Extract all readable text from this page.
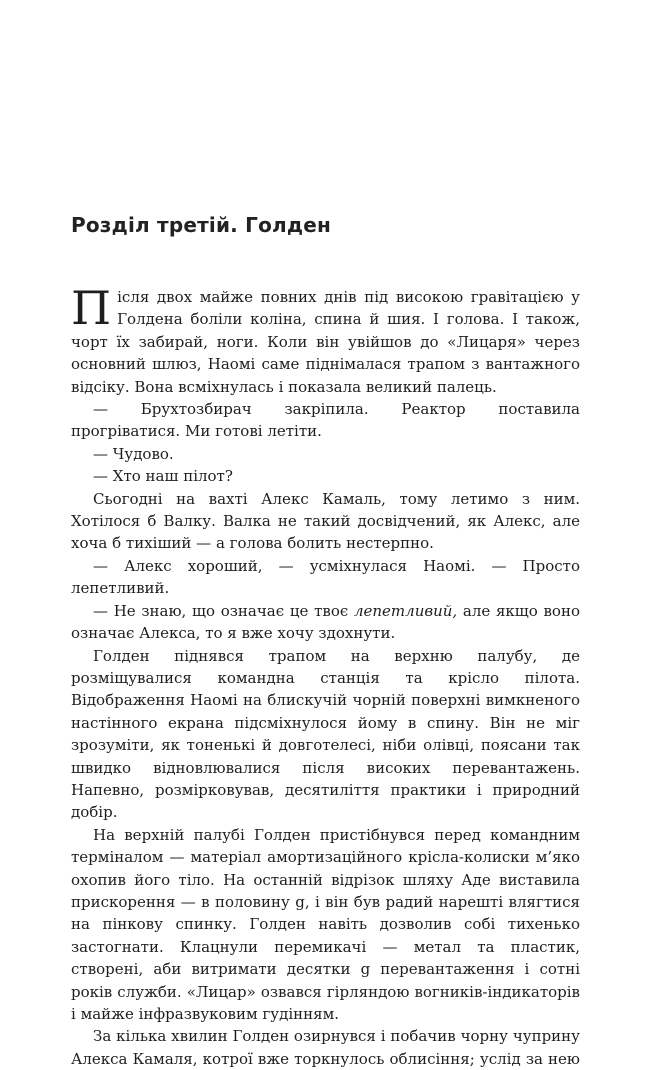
Розділ третій. Голден

Після двох майже повних днів під високою гравітацією у Голдена боліли коліна, спина й шия. І голова. І також, чорт їх забирай, ноги. Коли він увійшов до «Лицаря» через основний шлюз, Наомі саме піднімалася трапом з вантажного відсіку. Вона всміхнулась і показала великий палець.

— Брухтозбирач закріпила. Реактор поставила прогріватися. Ми готові летіти.

— Чудово.

— Хто наш пілот?

Сьогодні на вахті Алекс Камаль, тому летимо з ним. Хотілося б Валку. Валка не такий досвідчений, як Алекс, але хоча б тихіший — а голова болить нестерпно.

— Алекс хороший, — усміхнулася Наомі. — Просто лепетливий.

— Не знаю, що означає це твоє лепетливий, але якщо воно означає Алекса, то я вже хочу здохнути.

Голден піднявся трапом на верхню палубу, де розміщувалися командна станція та крісло пілота. Відображення Наомі на блискучій чорній поверхні вимкненого настінного екрана підсміхнулося йому в спину. Він не міг зрозуміти, як тоненькі й довготелесі, ніби олівці, поясани так швидко відновлювалися після високих перевантажень. Напевно, розмірковував, десятиліття практики і природний добір.

На верхній палубі Голден пристібнувся перед командним терміналом — матеріал амортизаційного крісла-колиски м’яко охопив його тіло. На останній відрізок шляху Аде виставила прискорення — в половину g, і він був радий нарешті влягтися на пінкову спинку. Голден навіть дозволив собі тихенько застогнати. Клацнули перемикачі — метал та пластик, створені, аби витримати десятки g перевантаження і сотні років служби. «Лицар» озвався гірляндою вогників-індикаторів і майже інфразвуковим гудінням.

За кілька хвилин Голден озирнувся і побачив чорну чуприну Алекса Камаля, котрої вже торкнулось облисіння; услід за нею
